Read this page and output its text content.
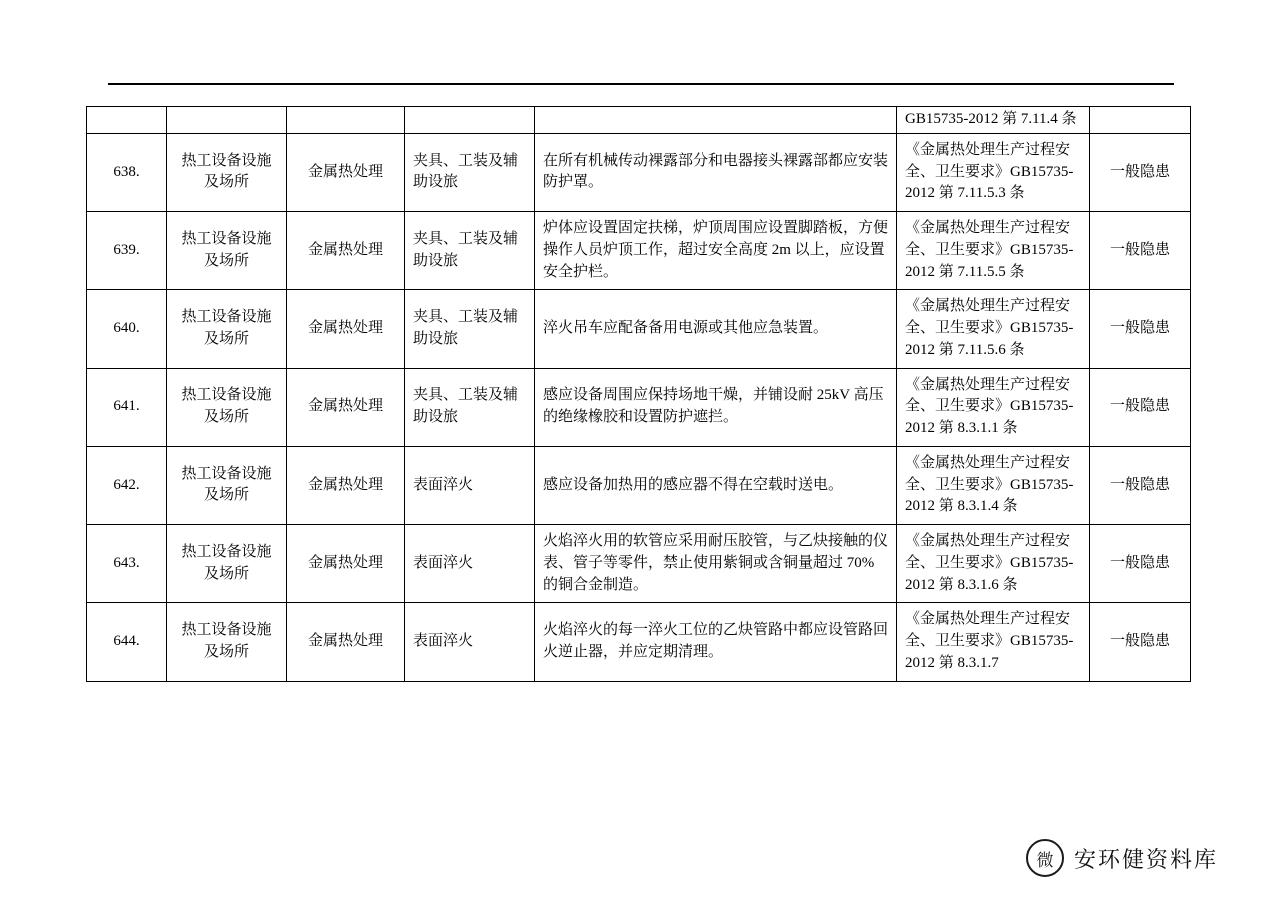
					GB15735-2012 第 7.11.4 条	
638.	热工设备设施及场所	金属热处理	夹具、工装及辅助设旅	在所有机械传动裸露部分和电器接头裸露部都应安装防护罩。	《金属热处理生产过程安全、卫生要求》GB15735-2012 第 7.11.5.3 条	一般隐患
639.	热工设备设施及场所	金属热处理	夹具、工装及辅助设旅	炉体应设置固定扶梯，炉顶周围应设置脚踏板，方便操作人员炉顶工作，超过安全高度 2m 以上，应设置安全护栏。	《金属热处理生产过程安全、卫生要求》GB15735-2012 第 7.11.5.5 条	一般隐患
640.	热工设备设施及场所	金属热处理	夹具、工装及辅助设旅	淬火吊车应配备备用电源或其他应急装置。	《金属热处理生产过程安全、卫生要求》GB15735-2012 第 7.11.5.6 条	一般隐患
641.	热工设备设施及场所	金属热处理	夹具、工装及辅助设旅	感应设备周围应保持场地干燥，并铺设耐 25kV 高压的绝缘橡胶和设置防护遮拦。	《金属热处理生产过程安全、卫生要求》GB15735-2012 第 8.3.1.1 条	一般隐患
642.	热工设备设施及场所	金属热处理	表面淬火	感应设备加热用的感应器不得在空载时送电。	《金属热处理生产过程安全、卫生要求》GB15735-2012 第 8.3.1.4 条	一般隐患
643.	热工设备设施及场所	金属热处理	表面淬火	火焰淬火用的软管应采用耐压胶管，与乙炔接触的仪表、管子等零件，禁止使用紫铜或含铜量超过 70%的铜合金制造。	《金属热处理生产过程安全、卫生要求》GB15735-2012 第 8.3.1.6 条	一般隐患
644.	热工设备设施及场所	金属热处理	表面淬火	火焰淬火的每一淬火工位的乙炔管路中都应设管路回火逆止器，并应定期清理。	《金属热处理生产过程安全、卫生要求》GB15735-2012 第 8.3.1.7	一般隐患
微 安环健资料库
